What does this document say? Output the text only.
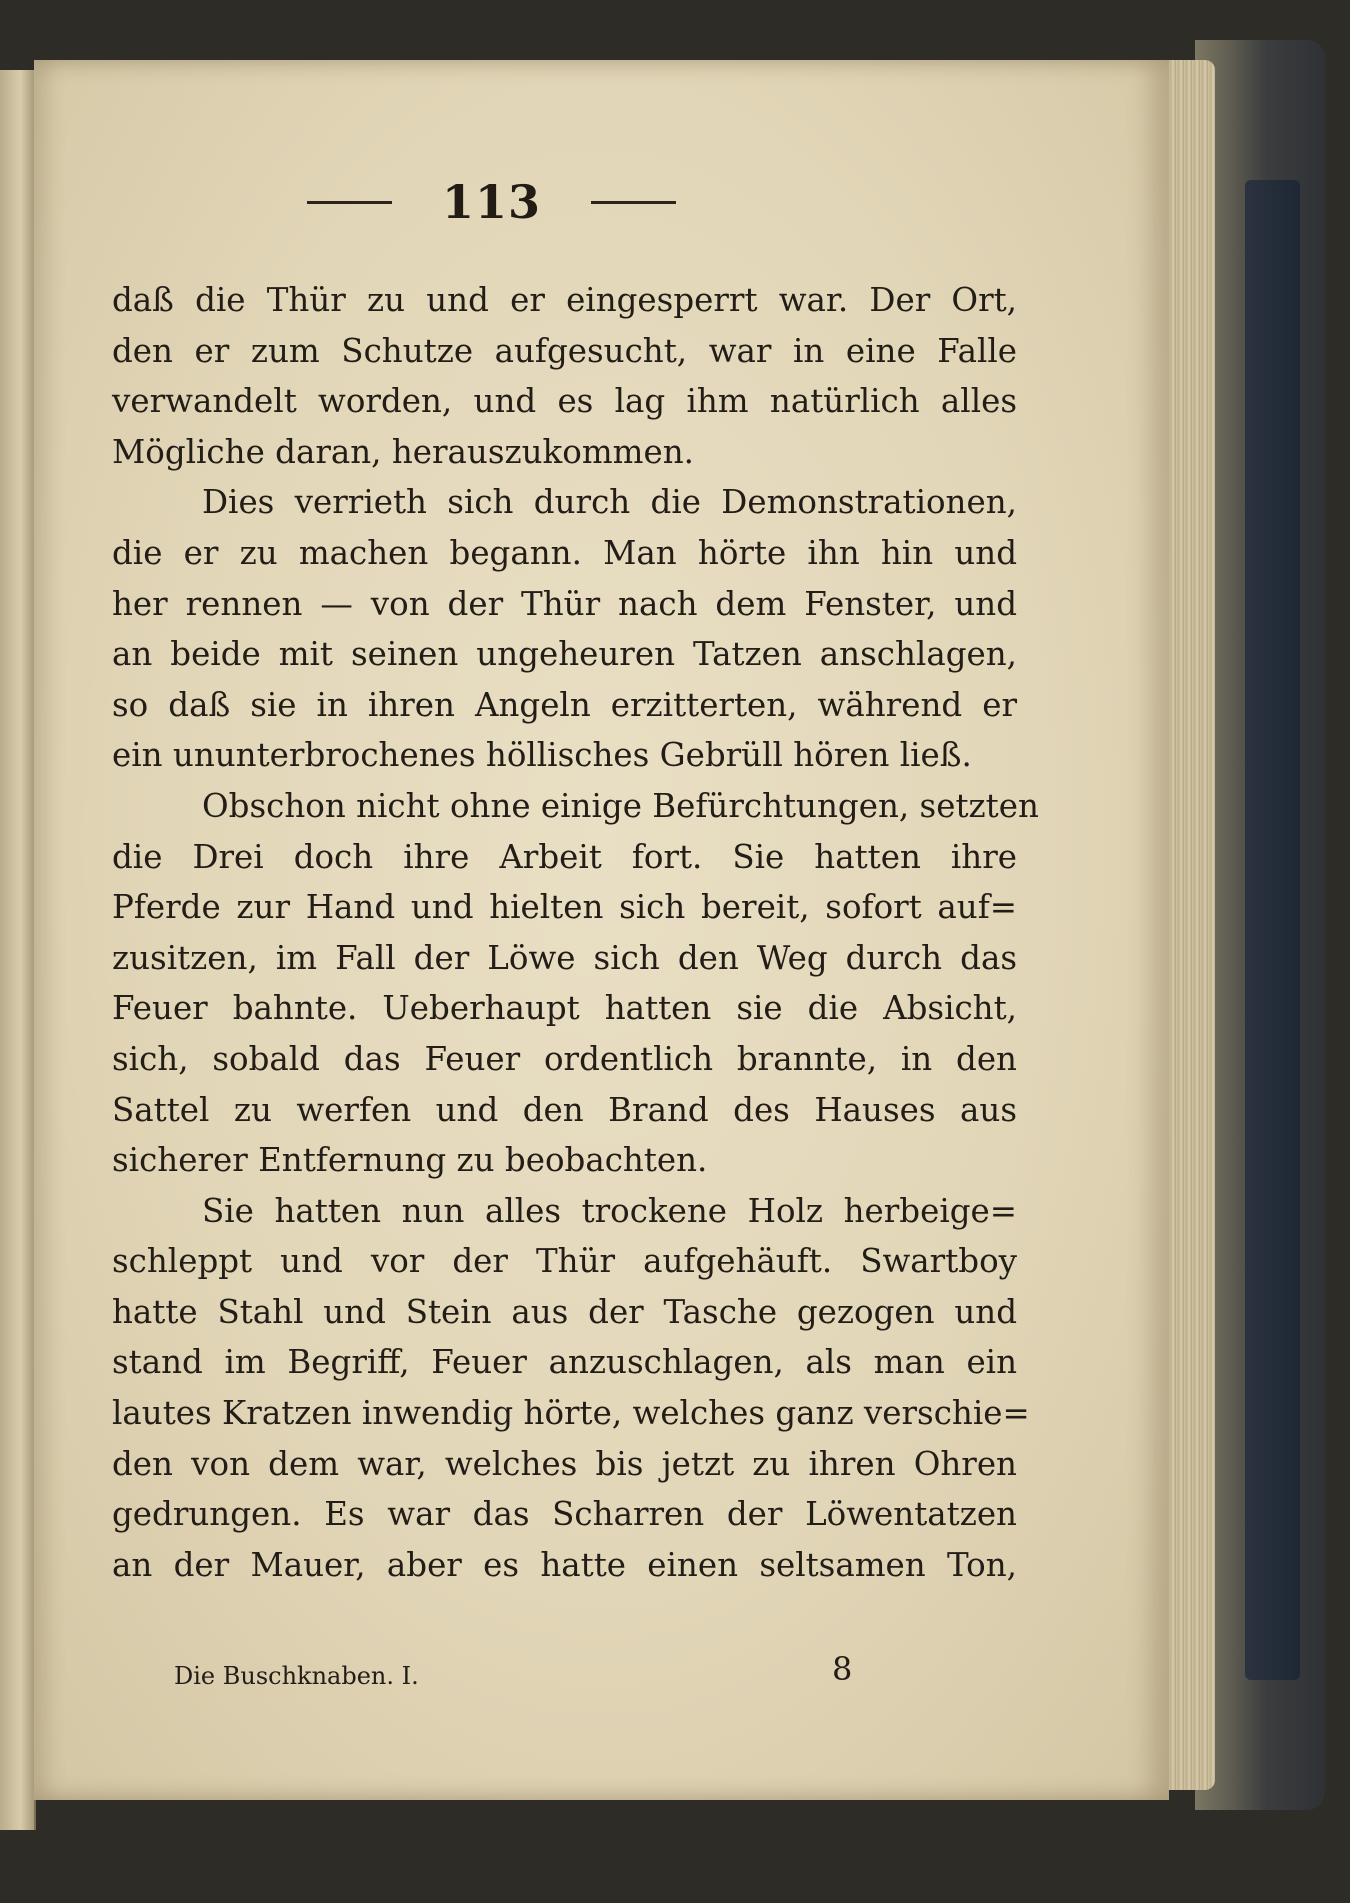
113
daß die Thür zu und er eingesperrt war. Der Ort,
den er zum Schutze aufgesucht, war in eine Falle
verwandelt worden, und es lag ihm natürlich alles
Mögliche daran, herauszukommen.
Dies verrieth sich durch die Demonstrationen,
die er zu machen begann. Man hörte ihn hin und
her rennen — von der Thür nach dem Fenster, und
an beide mit seinen ungeheuren Tatzen anschlagen,
so daß sie in ihren Angeln erzitterten, während er
ein ununterbrochenes höllisches Gebrüll hören ließ.
Obschon nicht ohne einige Befürchtungen, setzten
die Drei doch ihre Arbeit fort. Sie hatten ihre
Pferde zur Hand und hielten sich bereit, sofort auf=
zusitzen, im Fall der Löwe sich den Weg durch das
Feuer bahnte. Ueberhaupt hatten sie die Absicht,
sich, sobald das Feuer ordentlich brannte, in den
Sattel zu werfen und den Brand des Hauses aus
sicherer Entfernung zu beobachten.
Sie hatten nun alles trockene Holz herbeige=
schleppt und vor der Thür aufgehäuft. Swartboy
hatte Stahl und Stein aus der Tasche gezogen und
stand im Begriff, Feuer anzuschlagen, als man ein
lautes Kratzen inwendig hörte, welches ganz verschie=
den von dem war, welches bis jetzt zu ihren Ohren
gedrungen. Es war das Scharren der Löwentatzen
an der Mauer, aber es hatte einen seltsamen Ton,
Die Buschknaben. I.	8
